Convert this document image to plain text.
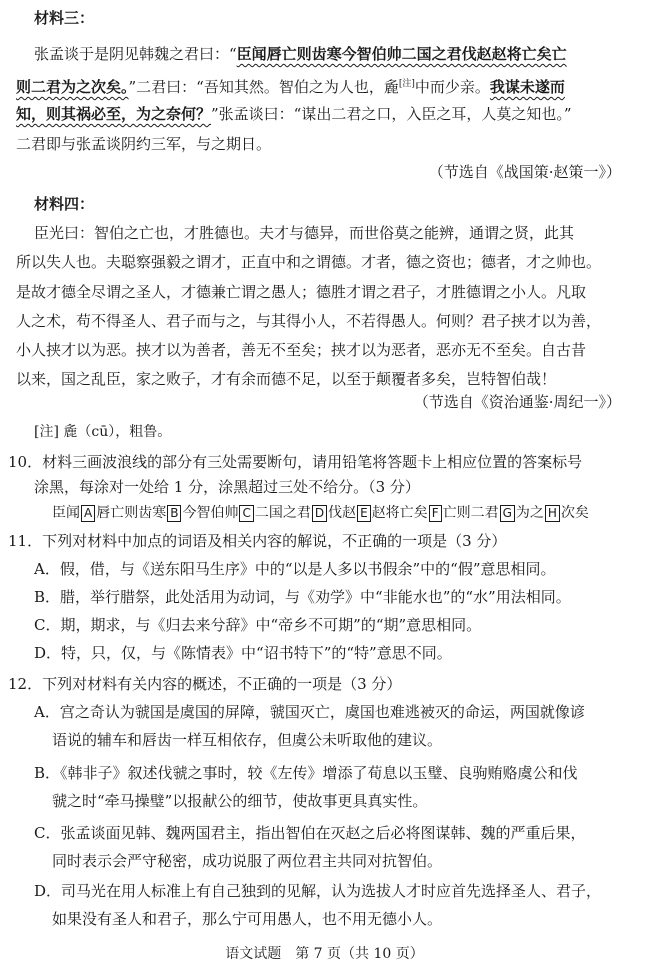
材料三：
张孟谈于是阴见韩魏之君曰：“臣闻唇亡则齿寒今智伯帅二国之君伐赵赵将亡矣亡
则二君为之次矣。”二君曰：“吾知其然。智伯之为人也，麁[注]中而少亲。我谋未遂而
知，则其祸必至，为之奈何？”张孟谈曰：“谋出二君之口，入臣之耳，人莫之知也。”
二君即与张孟谈阴约三军，与之期日。
（节选自《战国策·赵策一》）
材料四：
臣光曰：智伯之亡也，才胜德也。夫才与德异，而世俗莫之能辨，通谓之贤，此其
所以失人也。夫聪察强毅之谓才，正直中和之谓德。才者，德之资也；德者，才之帅也。
是故才德全尽谓之圣人，才德兼亡谓之愚人；德胜才谓之君子，才胜德谓之小人。凡取
人之术，苟不得圣人、君子而与之，与其得小人，不若得愚人。何则？君子挟才以为善，
小人挟才以为恶。挟才以为善者，善无不至矣；挟才以为恶者，恶亦无不至矣。自古昔
以来，国之乱臣，家之败子，才有余而德不足，以至于颠覆者多矣，岂特智伯哉！
（节选自《资治通鉴·周纪一》）
[注] 麁（cū），粗鲁。
10．材料三画波浪线的部分有三处需要断句，请用铅笔将答题卡上相应位置的答案标号
涂黑，每涂对一处给 1 分，涂黑超过三处不给分。（3 分）
臣闻 A 唇亡则齿寒 B 今智伯帅 C 二国之君 D 伐赵 E 赵将亡矣 F 亡则二君 G 为之 H 次矣
11．下列对材料中加点的词语及相关内容的解说，不正确的一项是（3 分）
A．假，借，与《送东阳马生序》中的“以是人多以书假余”中的“假”意思相同。
B．腊，举行腊祭，此处活用为动词，与《劝学》中“非能水也”的“水”用法相同。
C．期，期求，与《归去来兮辞》中“帝乡不可期”的“期”意思相同。
D．特，只，仅，与《陈情表》中“诏书特下”的“特”意思不同。
12．下列对材料有关内容的概述，不正确的一项是（3 分）
A．宫之奇认为虢国是虞国的屏障，虢国灭亡，虞国也难逃被灭的命运，两国就像谚
语说的辅车和唇齿一样互相依存，但虞公未听取他的建议。
B．《韩非子》叙述伐虢之事时，较《左传》增添了荀息以玉璧、良驹贿赂虞公和伐
虢之时“牵马操璧”以报献公的细节，使故事更具真实性。
C．张孟谈面见韩、魏两国君主，指出智伯在灭赵之后必将图谋韩、魏的严重后果，
同时表示会严守秘密，成功说服了两位君主共同对抗智伯。
D．司马光在用人标准上有自己独到的见解，认为选拔人才时应首先选择圣人、君子，
如果没有圣人和君子，那么宁可用愚人，也不用无德小人。
语文试题　第 7 页（共 10 页）
